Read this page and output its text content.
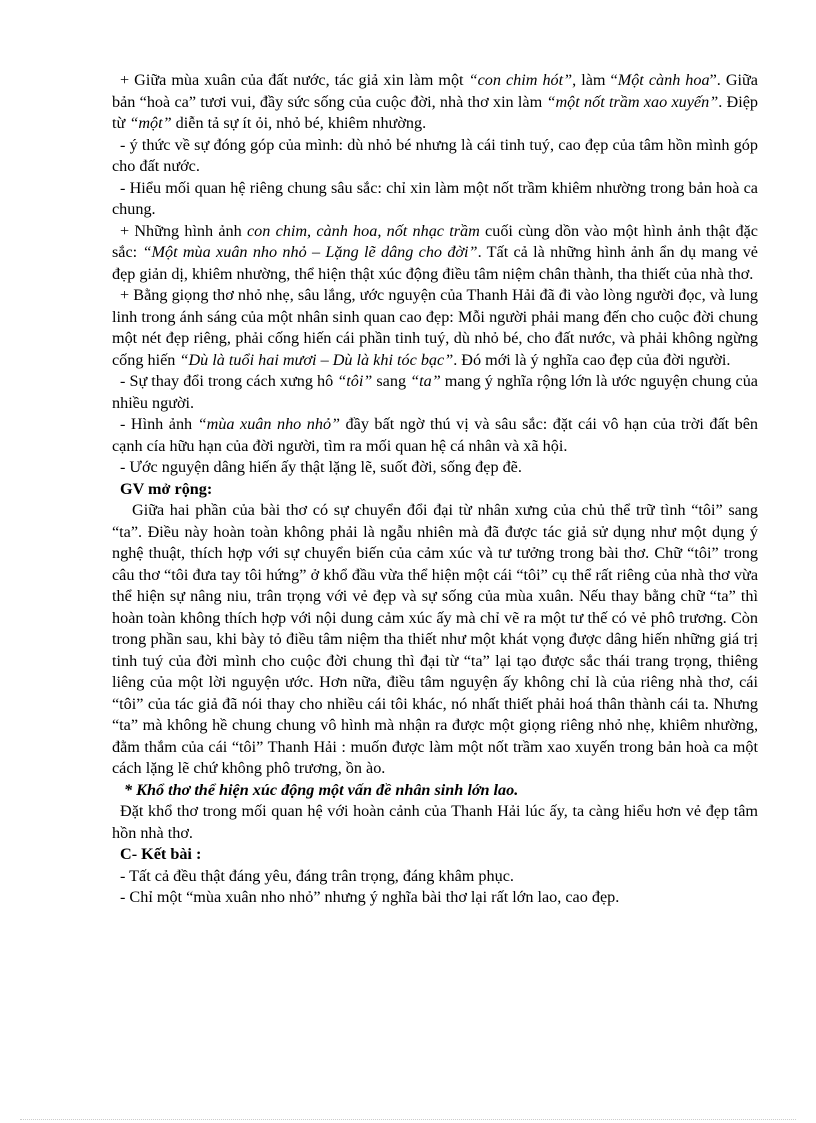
+ Giữa mùa xuân của đất nước, tác giả xin làm một “con chim hót”, làm “Một cành hoa”. Giữa bản “hoà ca” tươi vui, đầy sức sống của cuộc đời, nhà thơ xin làm “một nốt trầm xao xuyến”. Điệp từ “một” diễn tả sự ít ỏi, nhỏ bé, khiêm nhường.

- ý thức về sự đóng góp của mình: dù nhỏ bé nhưng là cái tinh tuý, cao đẹp của tâm hồn mình góp cho đất nước.

- Hiểu mối quan hệ riêng chung sâu sắc: chỉ xin làm một nốt trầm khiêm nhường trong bản hoà ca chung.

+ Những hình ảnh con chim, cành hoa, nốt nhạc trầm cuối cùng dồn vào một hình ảnh thật đặc sắc: “Một mùa xuân nho nhỏ – Lặng lẽ dâng cho đời”. Tất cả là những hình ảnh ẩn dụ mang vẻ đẹp giản dị, khiêm nhường, thể hiện thật xúc động điều tâm niệm chân thành, tha thiết của nhà thơ.

+ Bằng giọng thơ nhỏ nhẹ, sâu lắng, ước nguyện của Thanh Hải đã đi vào lòng người đọc, và lung linh trong ánh sáng của một nhân sinh quan cao đẹp: Mỗi người phải mang đến cho cuộc đời chung một nét đẹp riêng, phải cống hiến cái phần tinh tuý, dù nhỏ bé, cho đất nước, và phải không ngừng cống hiến “Dù là tuổi hai mươi – Dù là khi tóc bạc”. Đó mới là ý nghĩa cao đẹp của đời người.

- Sự thay đổi trong cách xưng hô “tôi” sang “ta” mang ý nghĩa rộng lớn là ước nguyện chung của nhiều người.

- Hình ảnh “mùa xuân nho nhỏ” đầy bất ngờ thú vị và sâu sắc: đặt cái vô hạn của trời đất bên cạnh cía hữu hạn của đời người, tìm ra mối quan hệ cá nhân và xã hội.

- Ước nguyện dâng hiến ấy thật lặng lẽ, suốt đời, sống đẹp đẽ.

GV mở rộng:

Giữa hai phần của bài thơ có sự chuyển đổi đại từ nhân xưng của chủ thể trữ tình “tôi” sang “ta”. Điều này hoàn toàn không phải là ngẫu nhiên mà đã được tác giả sử dụng như một dụng ý nghệ thuật, thích hợp với sự chuyển biến của cảm xúc và tư tưởng trong bài thơ. Chữ “tôi” trong câu thơ “tôi đưa tay tôi hứng” ở khổ đầu vừa thể hiện một cái “tôi” cụ thể rất riêng của nhà thơ vừa thể hiện sự nâng niu, trân trọng với vẻ đẹp và sự sống của mùa xuân. Nếu thay bằng chữ “ta” thì hoàn toàn không thích hợp với nội dung cảm xúc ấy mà chỉ vẽ ra một tư thế có vẻ phô trương. Còn trong phần sau, khi bày tỏ điều tâm niệm tha thiết như một khát vọng được dâng hiến những giá trị tinh tuý của đời mình cho cuộc đời chung thì đại từ “ta” lại tạo được sắc thái trang trọng, thiêng liêng của một lời nguyện ước. Hơn nữa, điều tâm nguyện ấy không chỉ là của riêng nhà thơ, cái “tôi” của tác giả đã nói thay cho nhiều cái tôi khác, nó nhất thiết phải hoá thân thành cái ta. Nhưng “ta” mà không hề chung chung vô hình mà nhận ra được một giọng riêng nhỏ nhẹ, khiêm nhường, đằm thắm của cái “tôi” Thanh Hải : muốn được làm một nốt trầm xao xuyến trong bản hoà ca một cách lặng lẽ chứ không phô trương, ồn ào.

* Khổ thơ thể hiện xúc động một vấn đề nhân sinh lớn lao.

Đặt khổ thơ trong mối quan hệ với hoàn cảnh của Thanh Hải lúc ấy, ta càng hiểu hơn vẻ đẹp tâm hồn nhà thơ.

C- Kết bài :

- Tất cả đều thật đáng yêu, đáng trân trọng, đáng khâm phục.

- Chỉ một “mùa xuân nho nhỏ” nhưng ý nghĩa bài thơ lại rất lớn lao, cao đẹp.
